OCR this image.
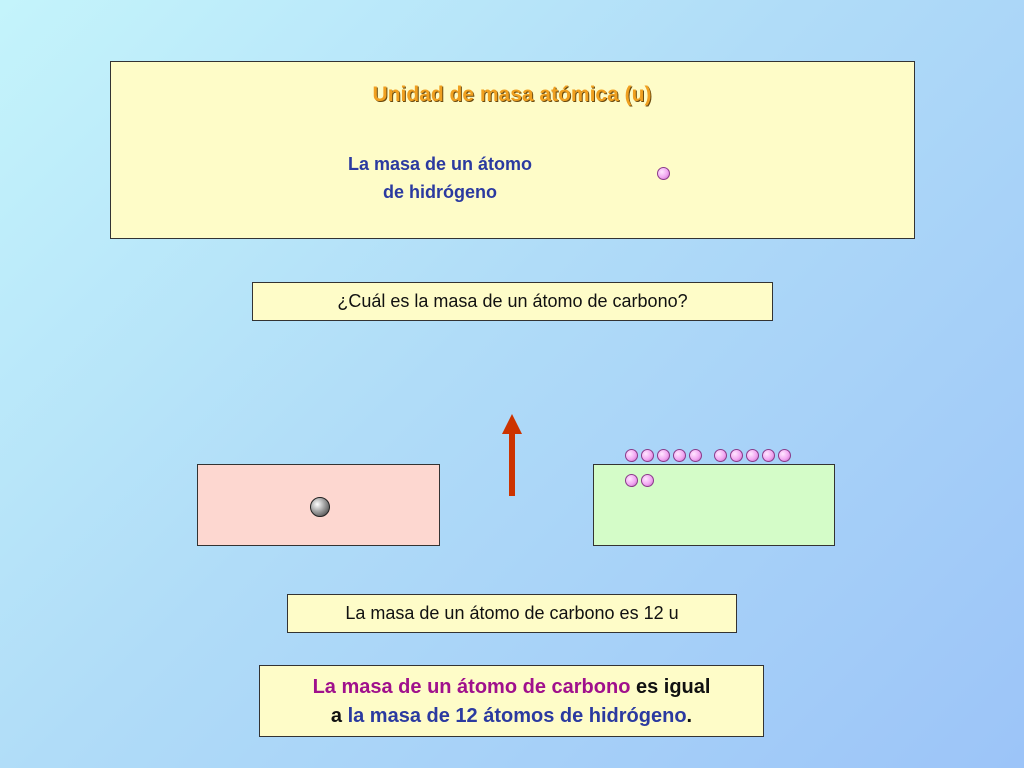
Unidad de masa atómica (u)
La masa de un átomo
de hidrógeno
¿Cuál es la masa de un átomo de carbono?
La masa de un átomo de carbono es 12 u
La masa de un átomo de carbono es igual
a la masa de 12 átomos de hidrógeno.
